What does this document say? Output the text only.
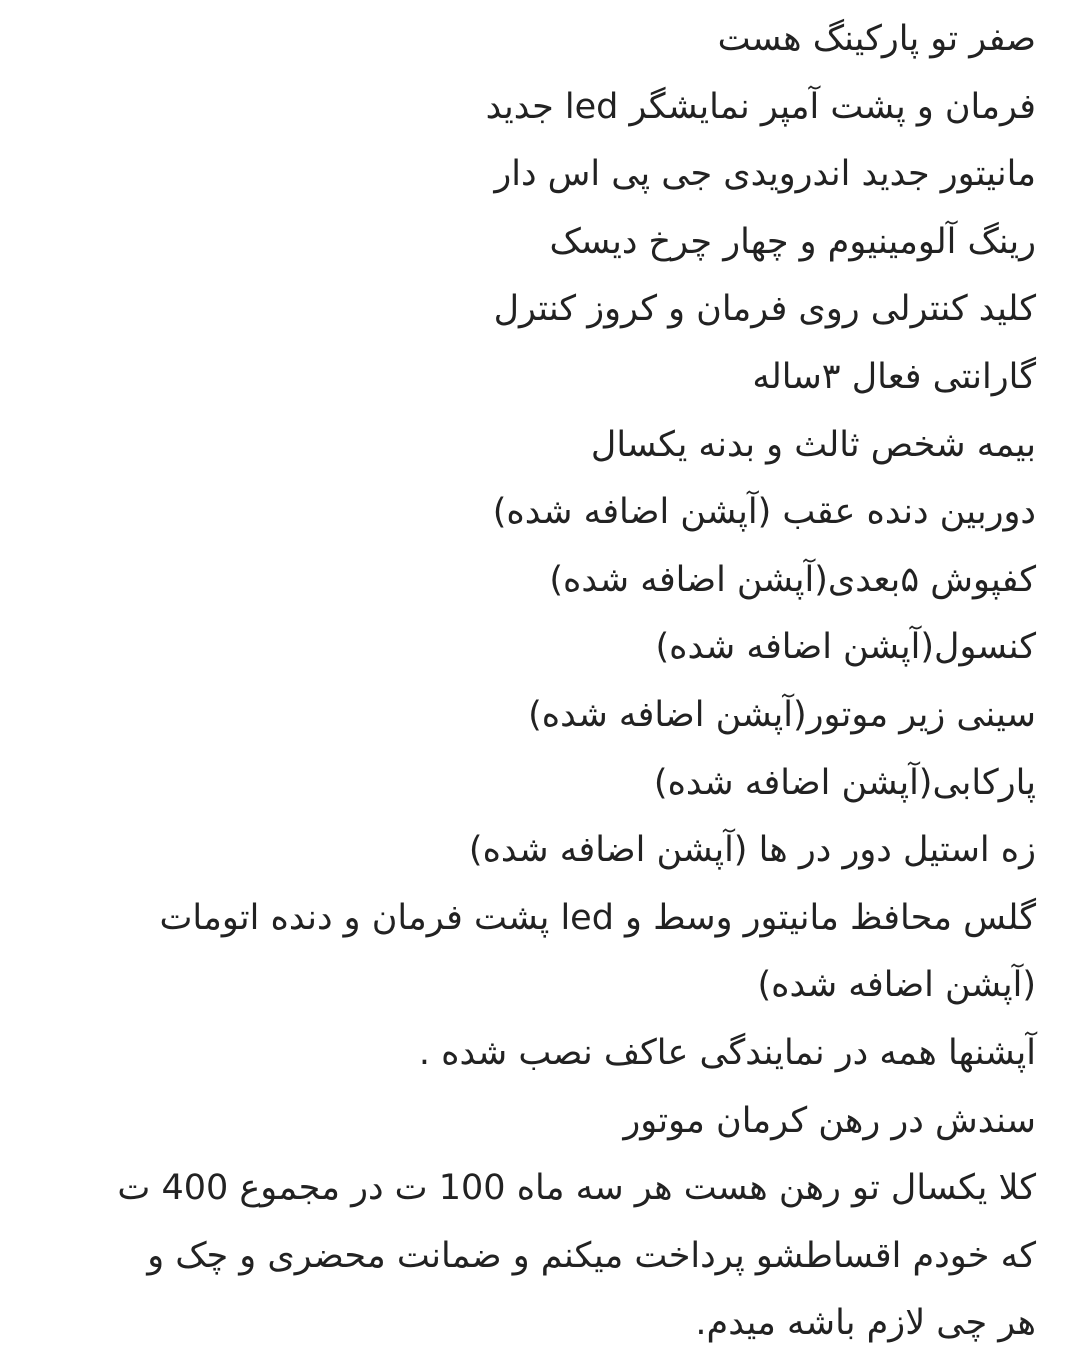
صفر تو پارکینگ هست
فرمان و پشت آمپر نمایشگر led جدید
مانیتور جدید اندرویدی جی پی اس دار
رینگ آلومینیوم و چهار چرخ دیسک
کلید کنترلی روی فرمان و کروز کنترل
گارانتی فعال ۳ساله
بیمه شخص ثالث و بدنه یکسال
دوربین دنده عقب (آپشن اضافه شده)
کفپوش ۵بعدی(آپشن اضافه شده)
کنسول(آپشن اضافه شده)
سینی زیر موتور(آپشن اضافه شده)
پارکابی(آپشن اضافه شده)
زه استیل دور در ها (آپشن اضافه شده)
گلس محافظ مانیتور وسط و led پشت فرمان و دنده اتومات
(آپشن اضافه شده)
آپشنها همه در نمایندگی عاکف نصب شده .
سندش در رهن کرمان موتور
کلا یکسال تو رهن هست هر سه ماه 100 ت در مجموع 400 ت
که خودم اقساطشو پرداخت میکنم و ضمانت محضری و چک و
هر چی لازم باشه میدم.
